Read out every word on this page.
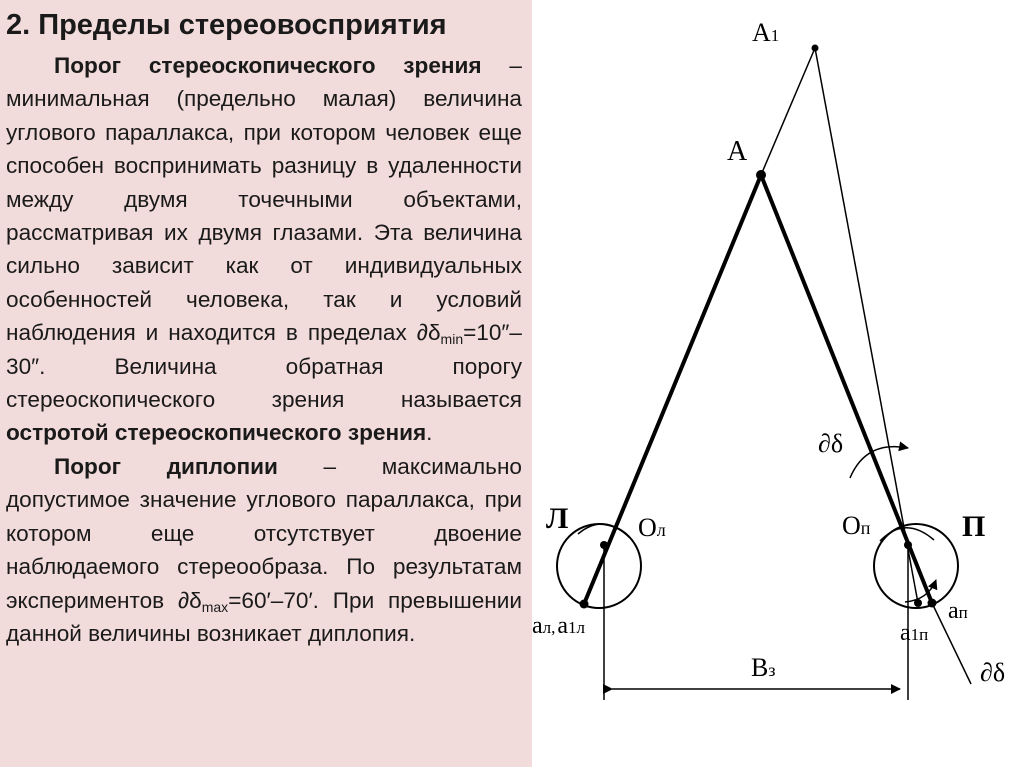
2. Пределы стереовосприятия

Порог стереоскопического зрения – минимальная (предельно малая) величина углового параллакса, при котором человек еще способен воспринимать разницу в удаленности между двумя точечными объектами, рассматривая их двумя глазами. Эта величина сильно зависит как от индивидуальных особенностей человека, так и условий наблюдения и находится в пределах $\partial\delta_{min}=10''-30''$. Величина обратная порогу стереоскопического зрения называется остротой стереоскопического зрения.

Порог диплопии – максимально допустимое значение углового параллакса, при котором еще отсутствует двоение наблюдаемого стереообраза. По результатам экспериментов $\partial\delta_{max}=60'-70'$. При превышении данной величины возникает диплопия.

A1
A
∂δ
Л	П
Oл	Oп
aл,a1л
aп
a1п
Bз	∂δ
